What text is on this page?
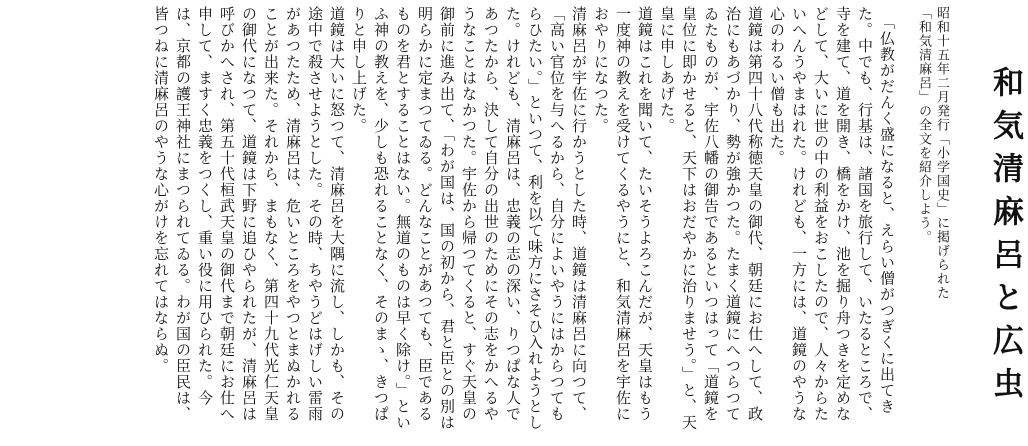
和気清麻呂と広虫
昭和十五年二月発行「小学国史」に掲げられた
「和気清麻呂」の全文を紹介しよう。

　「仏教がだんく盛になると、えらい僧がつぎくに出てきた。中でも、行基は、諸国を旅行して、いたるところで、寺を建て、道を開き、橋をかけ、池を掘り舟つきを定めなどして、大いに世の中の利益をおこしたので、人々からたいへんうやまはれた。けれども、一方には、道鏡のやうな心のわるい僧も出た。

道鏡は第四十八代称徳天皇の御代、朝廷にお仕へして、政治にもあづかり、勢が強かつた。たまく道鏡にへつらつてゐたものが、宇佐八幡の御告であるといつはって「道鏡を皇位に即かせると、天下はおだやかに治りませう。」と、天皇に申しあげた。

道鏡はこれを聞いて、たいそうよろこんだが、天皇はもう一度神の教えを受けてくるやうにと、和気清麻呂を宇佐におやりになつた。

清麻呂が宇佐に行かうとした時、道鏡は清麻呂に向つて、「高い官位を与へるから、自分によいやうにはからつてもらひたい。」といつて、利を以て味方にさそひ入れようとした。けれども、清麻呂は、忠義の志の深い、りつぱな人であつたから、決して自分の出世のためにその志をかへるやうなことはなかつた。宇佐から帰つてくると、すぐ天皇の御前に進み出て、「わが国は、国の初から、君と臣との別は明らかに定まつてゐる。どんなことがあつても、臣であるものを君とすることはない。無道のものは早く除け。」といふ神の教えを、少しも恐れることなく、そのまゝ、きつぱりと申し上げた。

道鏡は大いに怒つて、清麻呂を大隅に流し、しかも、その途中で殺させようとした。その時、ちやうどはげしい雷雨があつたため、清麻呂は、危いところをやつとまぬかれることが出来た。それから、まもなく、第四十九代光仁天皇の御代になつて、道鏡は下野に追ひやられたが、清麻呂は呼びかへされ、第五十代桓武天皇の御代まで朝廷にお仕へ申して、ますく忠義をつくし、重い役に用ひられた。今は、京都の護王神社にまつられてゐる。わが国の臣民は、皆つねに清麻呂のやうな心がけを忘れてはならぬ。
